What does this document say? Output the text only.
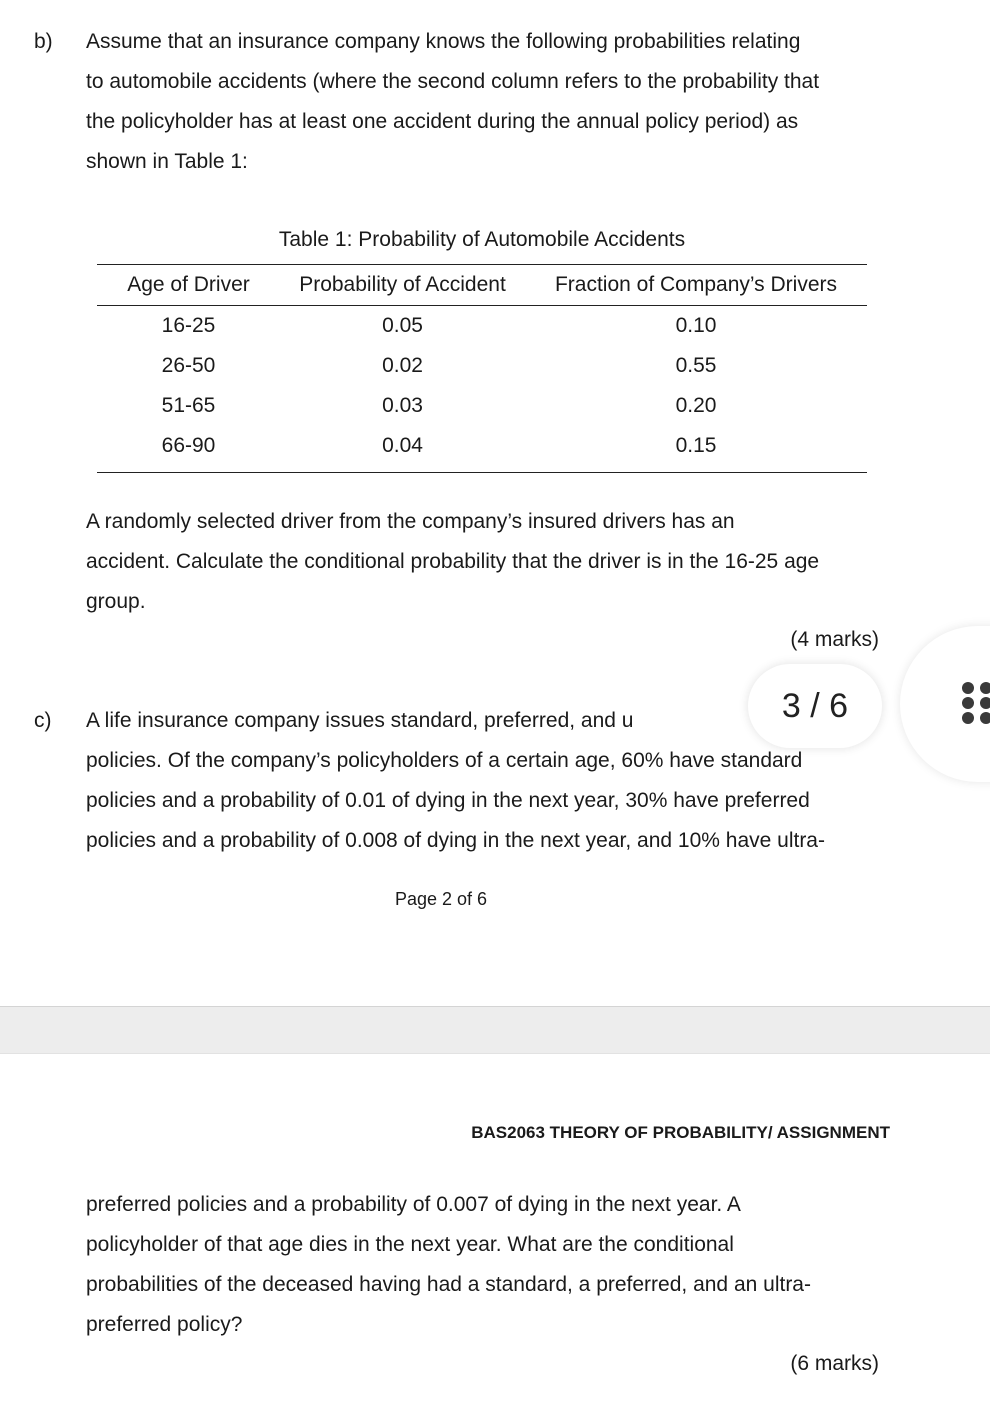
b) Assume that an insurance company knows the following probabilities relating

to automobile accidents (where the second column refers to the probability that

the policyholder has at least one accident during the annual policy period) as

shown in Table 1:

Table 1: Probability of Automobile Accidents
Age of Driver	Probability of Accident	Fraction of Company’s Drivers
16-25	0.05	0.10
26-50	0.02	0.55
51-65	0.03	0.20
66-90	0.04	0.15

A randomly selected driver from the company’s insured drivers has an

accident. Calculate the conditional probability that the driver is in the 16-25 age

group.

(4 marks)
c) A life insurance company issues standard, preferred, and u

policies. Of the company’s policyholders of a certain age, 60% have standard

policies and a probability of 0.01 of dying in the next year, 30% have preferred

policies and a probability of 0.008 of dying in the next year, and 10% have ultra-

Page 2 of 6
BAS2063 THEORY OF PROBABILITY/ ASSIGNMENT

preferred policies and a probability of 0.007 of dying in the next year. A

policyholder of that age dies in the next year. What are the conditional

probabilities of the deceased having had a standard, a preferred, and an ultra-

preferred policy?

(6 marks)
3 / 6
